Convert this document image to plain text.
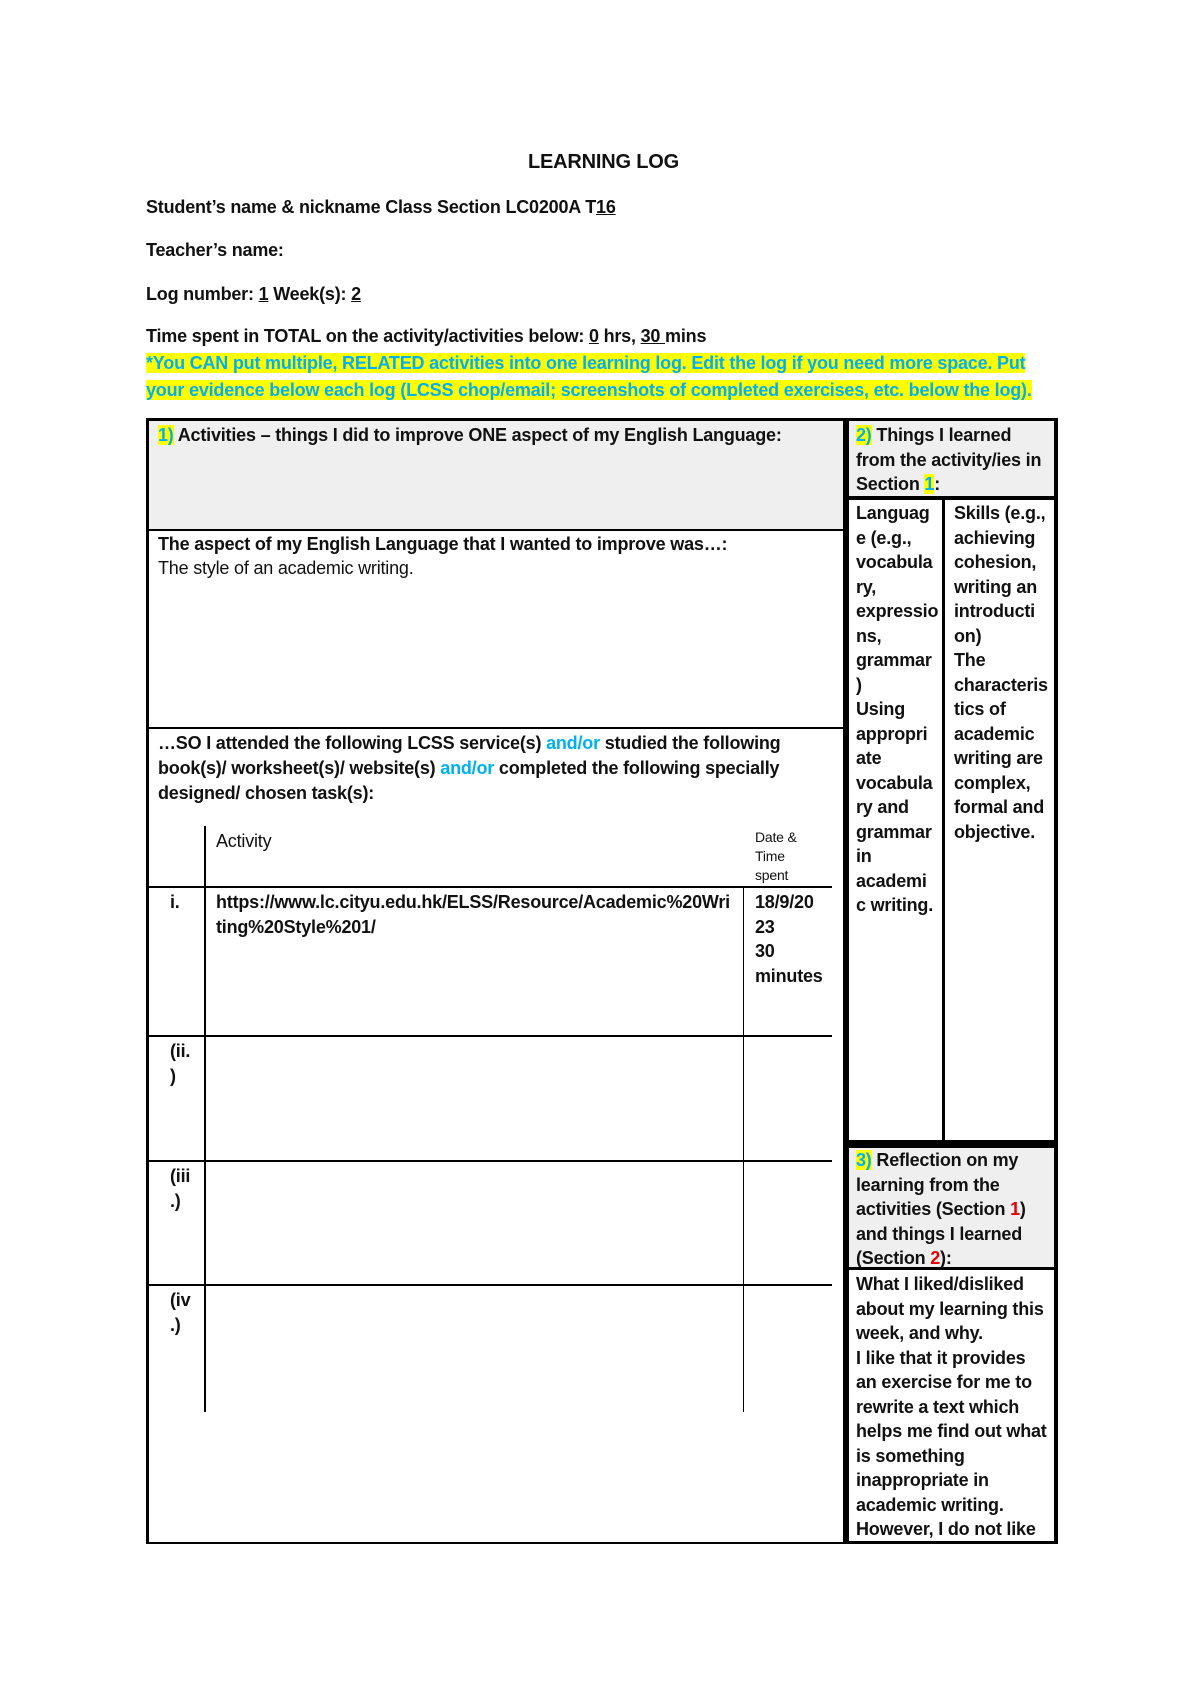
LEARNING LOG
Student’s name & nickname Class Section LC0200A T16
Teacher’s name:
Log number: 1 Week(s): 2
Time spent in TOTAL on the activity/activities below: 0 hrs, 30 mins
*You CAN put multiple, RELATED activities into one learning log. Edit the log if you need more space. Put
your evidence below each log (LCSS chop/email; screenshots of completed exercises, etc. below the log).
1) Activities – things I did to improve ONE aspect of my English Language:
The aspect of my English Language that I wanted to improve was…:
The style of an academic writing.
…SO I attended the following LCSS service(s) and/or studied the following
book(s)/ worksheet(s)/ website(s) and/or completed the following specially
designed/ chosen task(s):
Activity	Date &
Time
spent
i. https://www.lc.cityu.edu.hk/ELSS/Resource/Academic%20Wri
ting%20Style%201/
18/9/20
23
30
minutes
(ii.
)
(iii
.)
(iv
.)
2) Things I learned
from the activity/ies in
Section 1:
Languag
e (e.g.,
vocabula
ry,
expressio
ns,
grammar
)
Using
appropri
ate
vocabula
ry and
grammar
in
academi
c writing.
Skills (e.g.,
achieving
cohesion,
writing an
introducti
on)
The
characteris
tics of
academic
writing are
complex,
formal and
objective.
3) Reflection on my
learning from the
activities (Section 1)
and things I learned
(Section 2):
What I liked/disliked
about my learning this
week, and why.
I like that it provides
an exercise for me to
rewrite a text which
helps me find out what
is something
inappropriate in
academic writing.
However, I do not like
